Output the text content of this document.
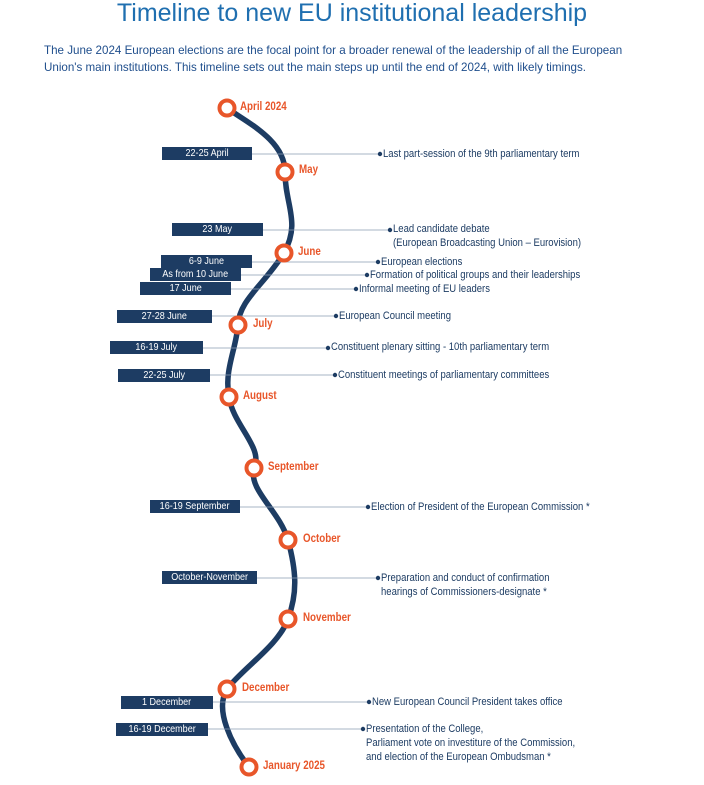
Timeline to new EU institutional leadership
The June 2024 European elections are the focal point for a broader renewal of the leadership of all the European
Union's main institutions. This timeline sets out the main steps up until the end of 2024, with likely timings.
April 2024
May
June
July
August
September
October
November
December
January 2025
22-25 April
23 May
6-9 June
As from 10 June
17 June
27-28 June
16-19 July
22-25 July
16-19 September
October-November
1 December
16-19 December
Last part-session of the 9th parliamentary term
Lead candidate debate
(European Broadcasting Union – Eurovision)
European elections
Formation of political groups and their leaderships
Informal meeting of EU leaders
European Council meeting
Constituent plenary sitting - 10th parliamentary term
Constituent meetings of parliamentary committees
Election of President of the European Commission *
Preparation and conduct of confirmation
hearings of Commissioners-designate *
New European Council President takes office
Presentation of the College,
Parliament vote on investiture of the Commission,
and election of the European Ombudsman *
